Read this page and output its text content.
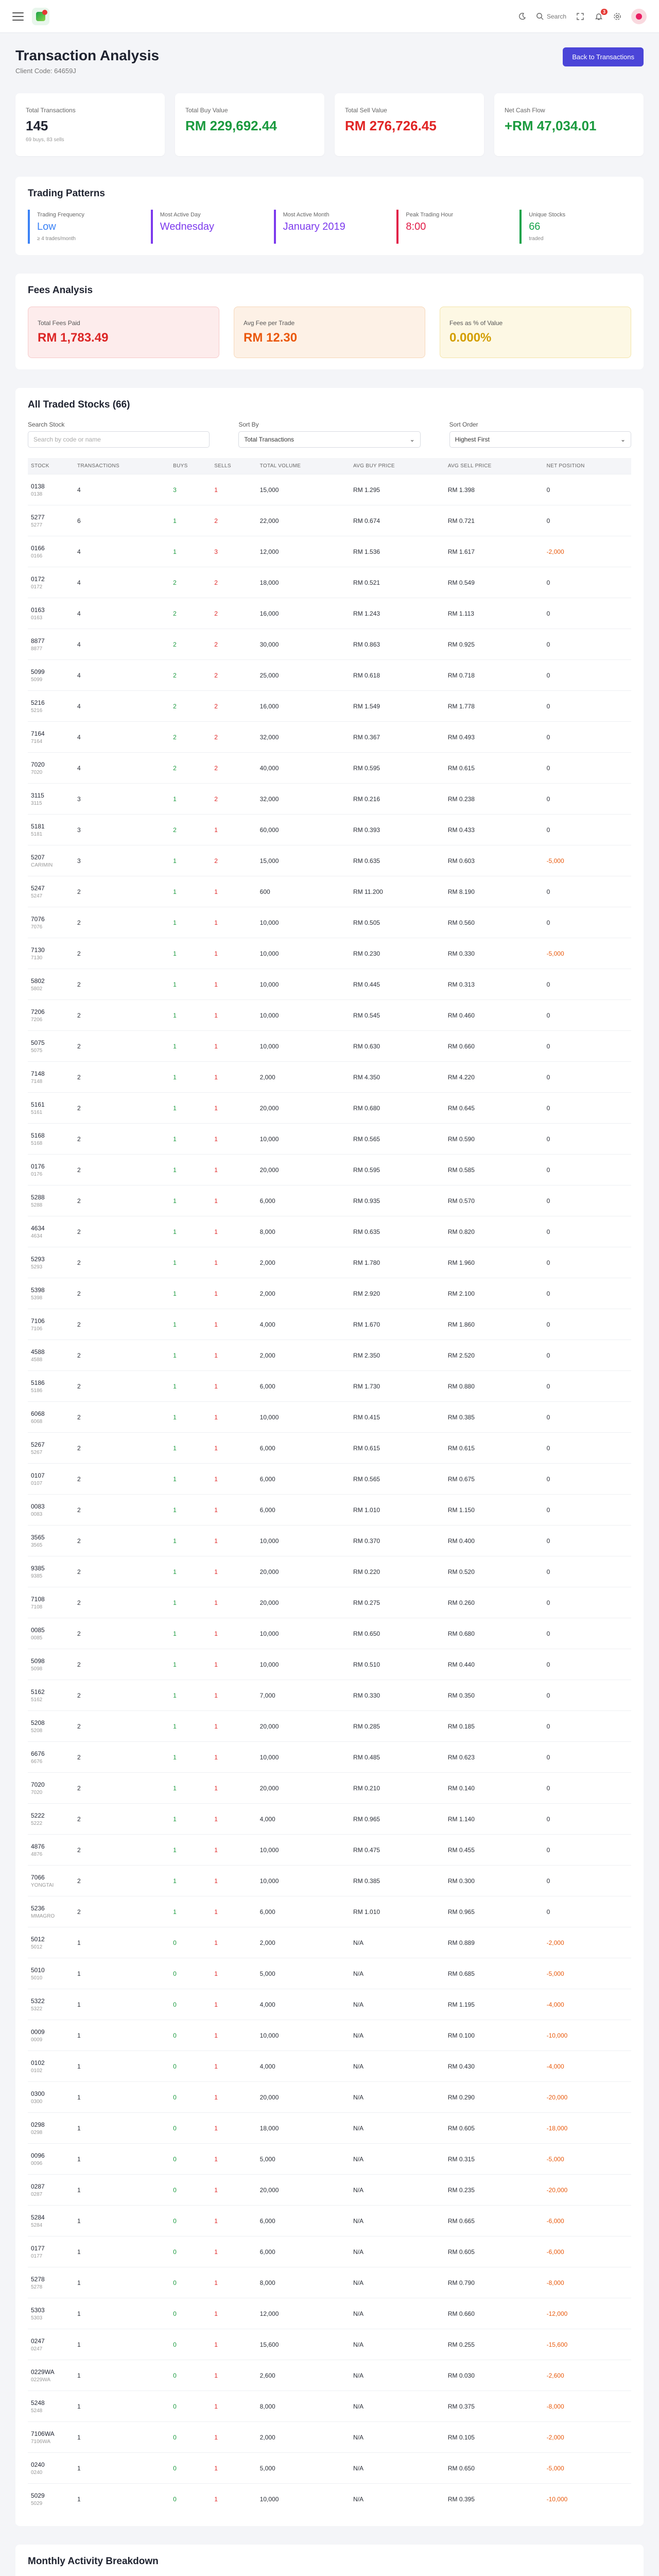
Search
3
Transaction Analysis
Client Code: 64659J
Back to Transactions
Total Transactions
145
69 buys, 83 sells
Total Buy Value
RM 229,692.44
Total Sell Value
RM 276,726.45
Net Cash Flow
+RM 47,034.01
Trading Patterns
Trading Frequency
Low
≥ 4 trades/month
Most Active Day
Wednesday
Most Active Month
January 2019
Peak Trading Hour
8:00
Unique Stocks
66
traded
Fees Analysis
Total Fees Paid
RM 1,783.49
Avg Fee per Trade
RM 12.30
Fees as % of Value
0.000%
All Traded Stocks (66)
Search Stock
Search by code or name	Sort By
Total Transactions	⌄
Sort Order
Highest First	⌄
STOCK	TRANSACTIONS	BUYS	SELLS	TOTAL VOLUME	AVG BUY PRICE	AVG SELL PRICE	NET POSITION

0138
0138	4	3	1	15,000	RM 1.295	RM 1.398	0

5277
5277	6	1	2	22,000	RM 0.674	RM 0.721	0

0166
0166	4	1	3	12,000	RM 1.536	RM 1.617	-2,000

0172
0172	4	2	2	18,000	RM 0.521	RM 0.549	0

0163
0163	4	2	2	16,000	RM 1.243	RM 1.113	0

8877
8877	4	2	2	30,000	RM 0.863	RM 0.925	0

5099
5099	4	2	2	25,000	RM 0.618	RM 0.718	0

5216
5216	4	2	2	16,000	RM 1.549	RM 1.778	0

7164
7164	4	2	2	32,000	RM 0.367	RM 0.493	0

7020
7020	4	2	2	40,000	RM 0.595	RM 0.615	0

3115
3115	3	1	2	32,000	RM 0.216	RM 0.238	0

5181
5181	3	2	1	60,000	RM 0.393	RM 0.433	0

5207
CARIMIN	3	1	2	15,000	RM 0.635	RM 0.603	-5,000

5247
5247	2	1	1	600	RM 11.200	RM 8.190	0

7076
7076	2	1	1	10,000	RM 0.505	RM 0.560	0

7130
7130	2	1	1	10,000	RM 0.230	RM 0.330	-5,000

5802
5802	2	1	1	10,000	RM 0.445	RM 0.313	0

7206
7206	2	1	1	10,000	RM 0.545	RM 0.460	0

5075
5075	2	1	1	10,000	RM 0.630	RM 0.660	0

7148
7148	2	1	1	2,000	RM 4.350	RM 4.220	0

5161
5161	2	1	1	20,000	RM 0.680	RM 0.645	0

5168
5168	2	1	1	10,000	RM 0.565	RM 0.590	0

0176
0176	2	1	1	20,000	RM 0.595	RM 0.585	0

5288
5288	2	1	1	6,000	RM 0.935	RM 0.570	0

4634
4634	2	1	1	8,000	RM 0.635	RM 0.820	0

5293
5293	2	1	1	2,000	RM 1.780	RM 1.960	0

5398
5398	2	1	1	2,000	RM 2.920	RM 2.100	0

7106
7106	2	1	1	4,000	RM 1.670	RM 1.860	0

4588
4588	2	1	1	2,000	RM 2.350	RM 2.520	0

5186
5186	2	1	1	6,000	RM 1.730	RM 0.880	0

6068
6068	2	1	1	10,000	RM 0.415	RM 0.385	0

5267
5267	2	1	1	6,000	RM 0.615	RM 0.615	0

0107
0107	2	1	1	6,000	RM 0.565	RM 0.675	0

0083
0083	2	1	1	6,000	RM 1.010	RM 1.150	0

3565
3565	2	1	1	10,000	RM 0.370	RM 0.400	0

9385
9385	2	1	1	20,000	RM 0.220	RM 0.520	0

7108
7108	2	1	1	20,000	RM 0.275	RM 0.260	0

0085
0085	2	1	1	10,000	RM 0.650	RM 0.680	0

5098
5098	2	1	1	10,000	RM 0.510	RM 0.440	0

5162
5162	2	1	1	7,000	RM 0.330	RM 0.350	0

5208
5208	2	1	1	20,000	RM 0.285	RM 0.185	0

6676
6676	2	1	1	10,000	RM 0.485	RM 0.623	0

7020
7020	2	1	1	20,000	RM 0.210	RM 0.140	0

5222
5222	2	1	1	4,000	RM 0.965	RM 1.140	0

4876
4876	2	1	1	10,000	RM 0.475	RM 0.455	0

7066
YONGTAI	2	1	1	10,000	RM 0.385	RM 0.300	0

5236
MMAGRO	2	1	1	6,000	RM 1.010	RM 0.965	0

5012
5012	1	0	1	2,000	N/A	RM 0.889	-2,000

5010
5010	1	0	1	5,000	N/A	RM 0.685	-5,000

5322
5322	1	0	1	4,000	N/A	RM 1.195	-4,000

0009
0009	1	0	1	10,000	N/A	RM 0.100	-10,000

0102
0102	1	0	1	4,000	N/A	RM 0.430	-4,000

0300
0300	1	0	1	20,000	N/A	RM 0.290	-20,000

0298
0298	1	0	1	18,000	N/A	RM 0.605	-18,000

0096
0096	1	0	1	5,000	N/A	RM 0.315	-5,000

0287
0287	1	0	1	20,000	N/A	RM 0.235	-20,000

5284
5284	1	0	1	6,000	N/A	RM 0.665	-6,000

0177
0177	1	0	1	6,000	N/A	RM 0.605	-6,000

5278
5278	1	0	1	8,000	N/A	RM 0.790	-8,000

5303
5303	1	0	1	12,000	N/A	RM 0.660	-12,000

0247
0247	1	0	1	15,600	N/A	RM 0.255	-15,600

0229WA
0229WA	1	0	1	2,600	N/A	RM 0.030	-2,600

5248
5248	1	0	1	8,000	N/A	RM 0.375	-8,000

7106WA
7106WA	1	0	1	2,000	N/A	RM 0.105	-2,000

0240
0240	1	0	1	5,000	N/A	RM 0.650	-5,000

5029
5029	1	0	1	10,000	N/A	RM 0.395	-10,000
Monthly Activity Breakdown
